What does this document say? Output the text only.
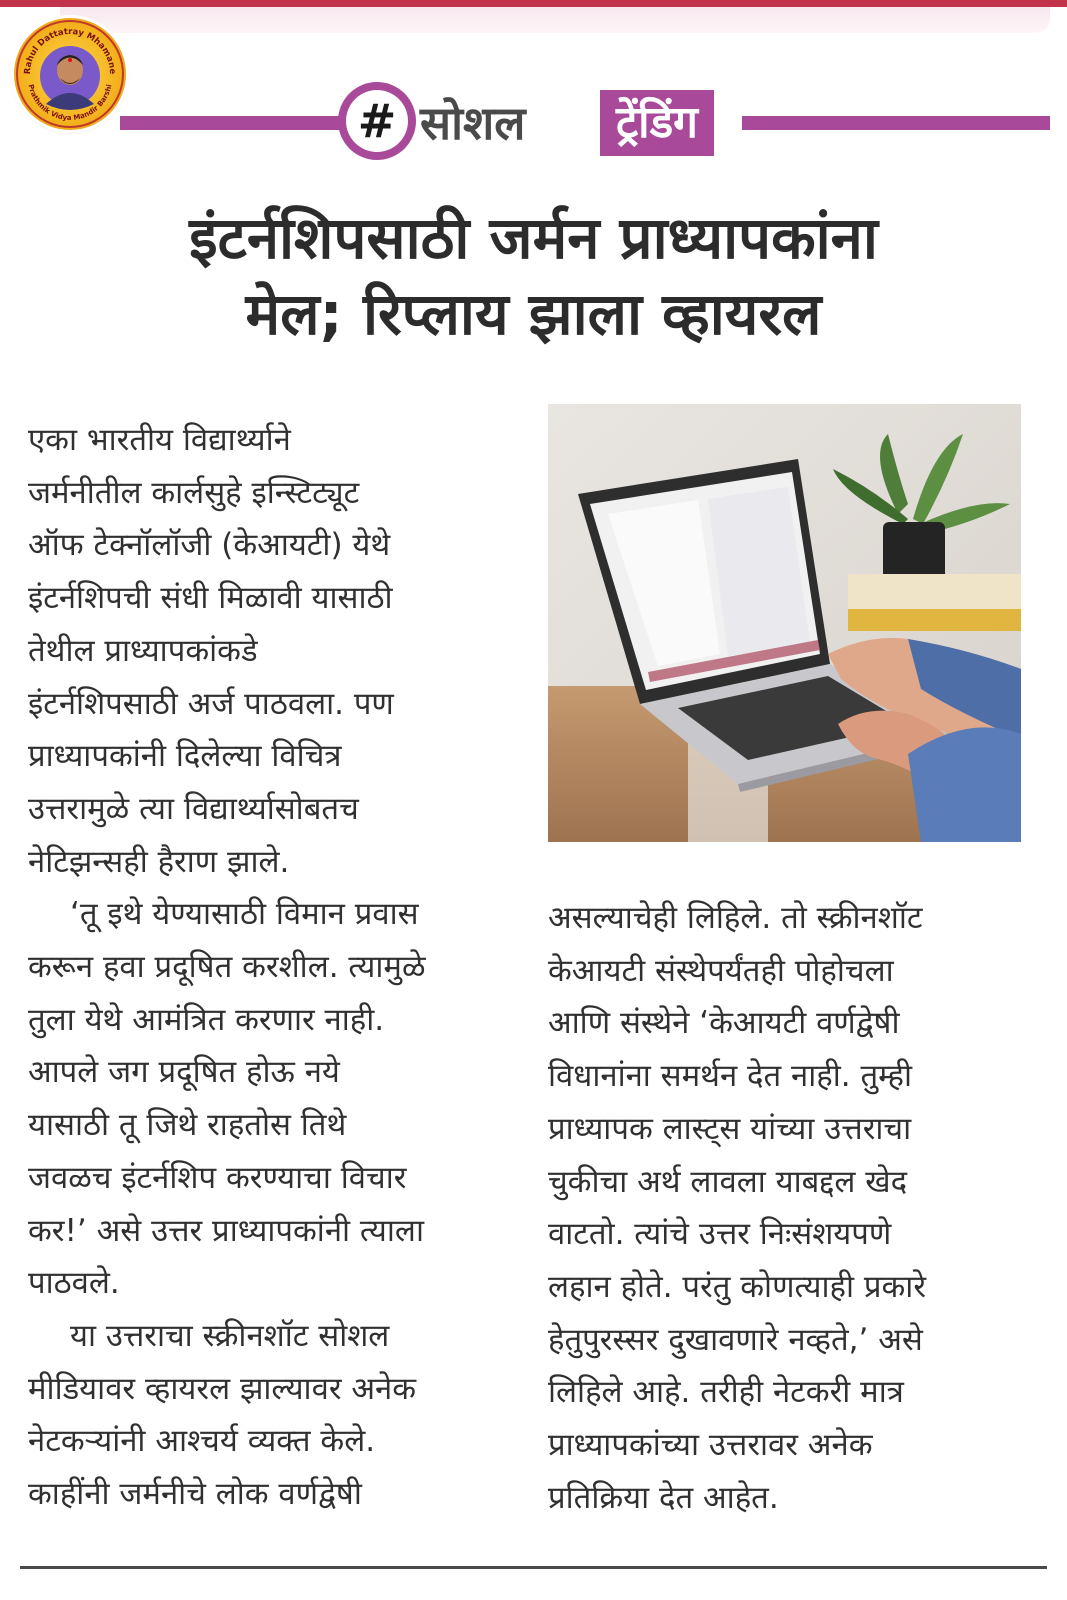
Rahul Dattatray Mhamane
Prathmik Vidya Mandir Barshi
# सोशल	ट्रेंडिंग
इंटर्नशिपसाठी जर्मन प्राध्यापकांना
मेल; रिप्लाय झाला व्हायरल

एका भारतीय विद्यार्थ्याने

जर्मनीतील कार्लसुहे इन्स्टिट्यूट

ऑफ टेक्नॉलॉजी (केआयटी) येथे

इंटर्नशिपची संधी मिळावी यासाठी

तेथील प्राध्यापकांकडे

इंटर्नशिपसाठी अर्ज पाठवला. पण

प्राध्यापकांनी दिलेल्या विचित्र

उत्तरामुळे त्या विद्यार्थ्यासोबतच

नेटिझन्सही हैराण झाले.

‘तू इथे येण्यासाठी विमान प्रवास

करून हवा प्रदूषित करशील. त्यामुळे

तुला येथे आमंत्रित करणार नाही.

आपले जग प्रदूषित होऊ नये

यासाठी तू जिथे राहतोस तिथे

जवळच इंटर्नशिप करण्याचा विचार

कर!’ असे उत्तर प्राध्यापकांनी त्याला

पाठवले.

या उत्तराचा स्क्रीनशॉट सोशल

मीडियावर व्हायरल झाल्यावर अनेक

नेटकऱ्यांनी आश्चर्य व्यक्त केले.

काहींनी जर्मनीचे लोक वर्णद्वेषी

असल्याचेही लिहिले. तो स्क्रीनशॉट

केआयटी संस्थेपर्यंतही पोहोचला

आणि संस्थेने ‘केआयटी वर्णद्वेषी

विधानांना समर्थन देत नाही. तुम्ही

प्राध्यापक लास्ट्स यांच्या उत्तराचा

चुकीचा अर्थ लावला याबद्दल खेद

वाटतो. त्यांचे उत्तर निःसंशयपणे

लहान होते. परंतु कोणत्याही प्रकारे

हेतुपुरस्सर दुखावणारे नव्हते,’ असे

लिहिले आहे. तरीही नेटकरी मात्र

प्राध्यापकांच्या उत्तरावर अनेक

प्रतिक्रिया देत आहेत.
